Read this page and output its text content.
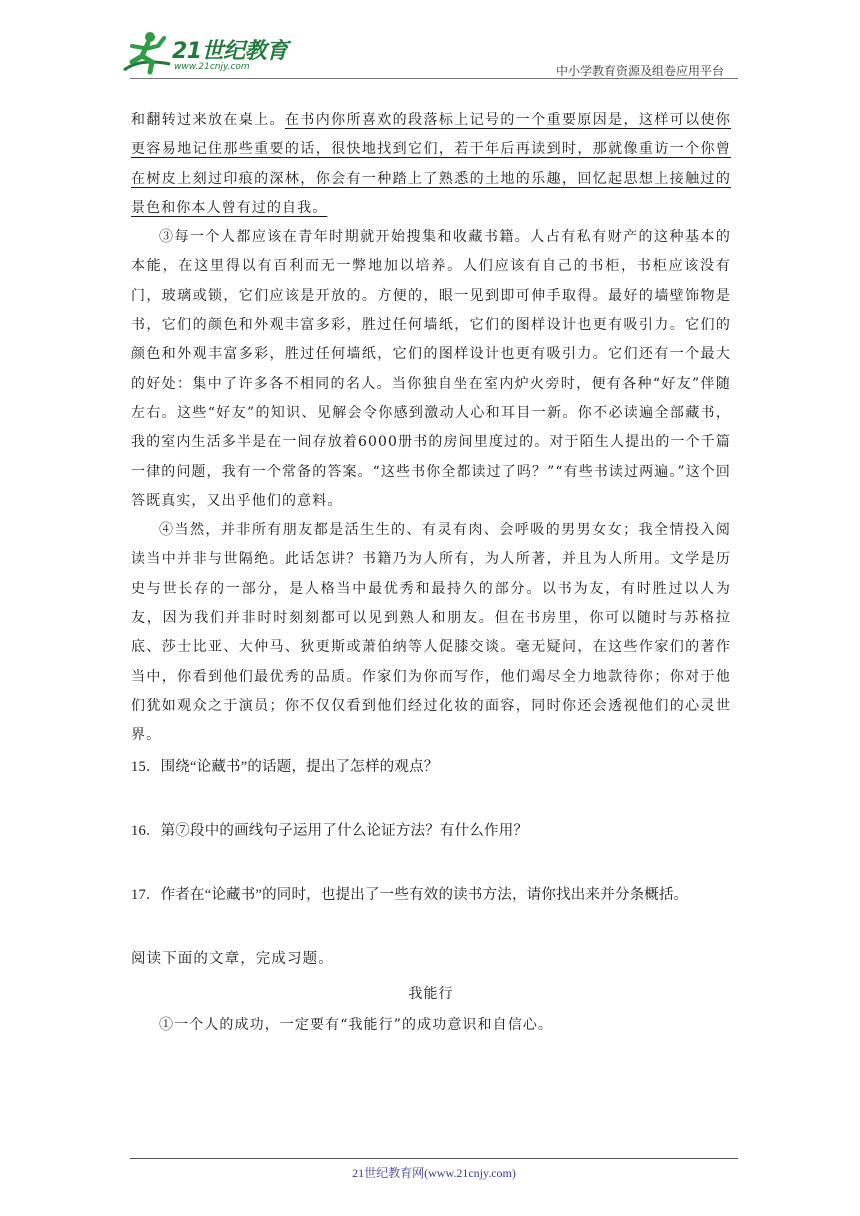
21世纪教育
www.21cnjy.com	中小学教育资源及组卷应用平台

和翻转过来放在桌上。在书内你所喜欢的段落标上记号的一个重要原因是，这样可以使你更容易地记住那些重要的话，很快地找到它们，若干年后再读到时，那就像重访一个你曾在树皮上刻过印痕的深林，你会有一种踏上了熟悉的土地的乐趣，回忆起思想上接触过的景色和你本人曾有过的自我。

③每一个人都应该在青年时期就开始搜集和收藏书籍。人占有私有财产的这种基本的本能，在这里得以有百利而无一弊地加以培养。人们应该有自己的书柜，书柜应该没有门，玻璃或锁，它们应该是开放的。方便的，眼一见到即可伸手取得。最好的墙壁饰物是书，它们的颜色和外观丰富多彩，胜过任何墙纸，它们的图样设计也更有吸引力。它们的颜色和外观丰富多彩，胜过任何墙纸，它们的图样设计也更有吸引力。它们还有一个最大的好处：集中了许多各不相同的名人。当你独自坐在室内炉火旁时，便有各种“好友”伴随左右。这些“好友”的知识、见解会令你感到激动人心和耳目一新。你不必读遍全部藏书，我的室内生活多半是在一间存放着6000册书的房间里度过的。对于陌生人提出的一个千篇一律的问题，我有一个常备的答案。“这些书你全都读过了吗？”“有些书读过两遍。”这个回答既真实，又出乎他们的意料。

④当然，并非所有朋友都是活生生的、有灵有肉、会呼吸的男男女女；我全情投入阅读当中并非与世隔绝。此话怎讲？书籍乃为人所有，为人所著，并且为人所用。文学是历史与世长存的一部分，是人格当中最优秀和最持久的部分。以书为友，有时胜过以人为友，因为我们并非时时刻刻都可以见到熟人和朋友。但在书房里，你可以随时与苏格拉底、莎士比亚、大仲马、狄更斯或萧伯纳等人促膝交谈。毫无疑问，在这些作家们的著作当中，你看到他们最优秀的品质。作家们为你而写作，他们竭尽全力地款待你；你对于他们犹如观众之于演员；你不仅仅看到他们经过化妆的面容，同时你还会透视他们的心灵世界。

15．围绕“论藏书”的话题，提出了怎样的观点？

16．第⑦段中的画线句子运用了什么论证方法？有什么作用？

17．作者在“论藏书”的同时，也提出了一些有效的读书方法，请你找出来并分条概括。

阅读下面的文章，完成习题。

我能行

①一个人的成功，一定要有“我能行”的成功意识和自信心。

21世纪教育网(www.21cnjy.com)
